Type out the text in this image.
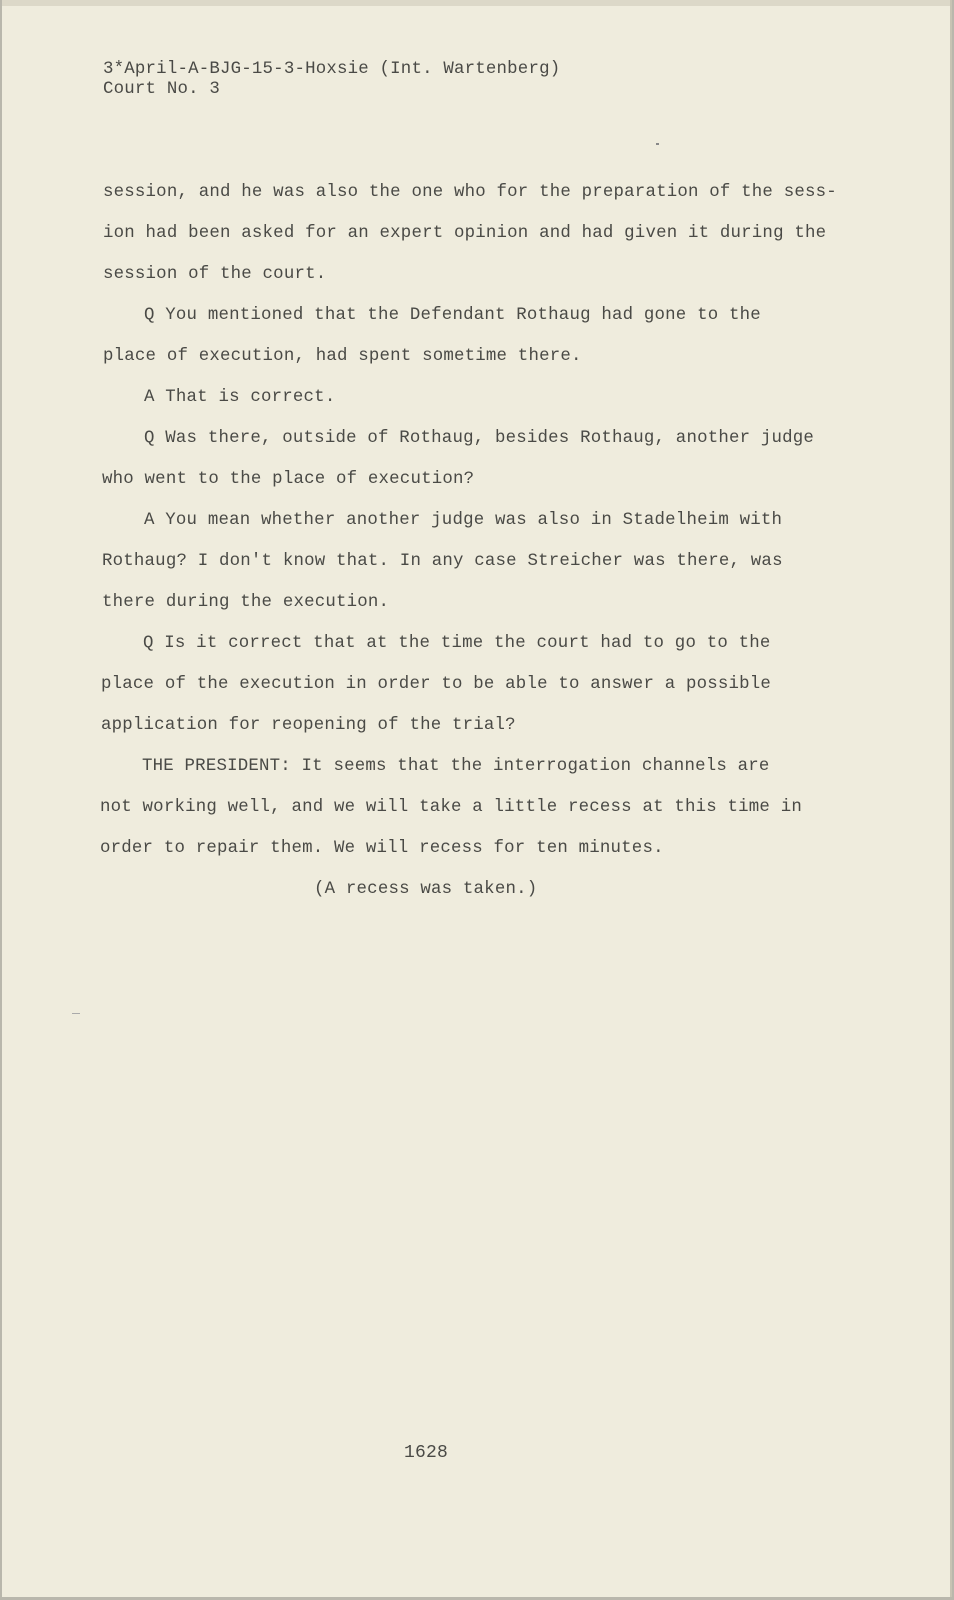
3*April-A-BJG-15-3-Hoxsie (Int. Wartenberg)

Court No. 3

session, and he was also the one who for the preparation of the sess-

ion had been asked for an expert opinion and had given it during the

session of the court.

Q You mentioned that the Defendant Rothaug had gone to the

place of execution, had spent sometime there.

A That is correct.

Q Was there, outside of Rothaug, besides Rothaug, another judge

who went to the place of execution?

A You mean whether another judge was also in Stadelheim with

Rothaug? I don't know that. In any case Streicher was there, was

there during the execution.

Q Is it correct that at the time the court had to go to the

place of the execution in order to be able to answer a possible

application for reopening of the trial?

THE PRESIDENT: It seems that the interrogation channels are

not working well, and we will take a little recess at this time in

order to repair them. We will recess for ten minutes.

(A recess was taken.)

1628
